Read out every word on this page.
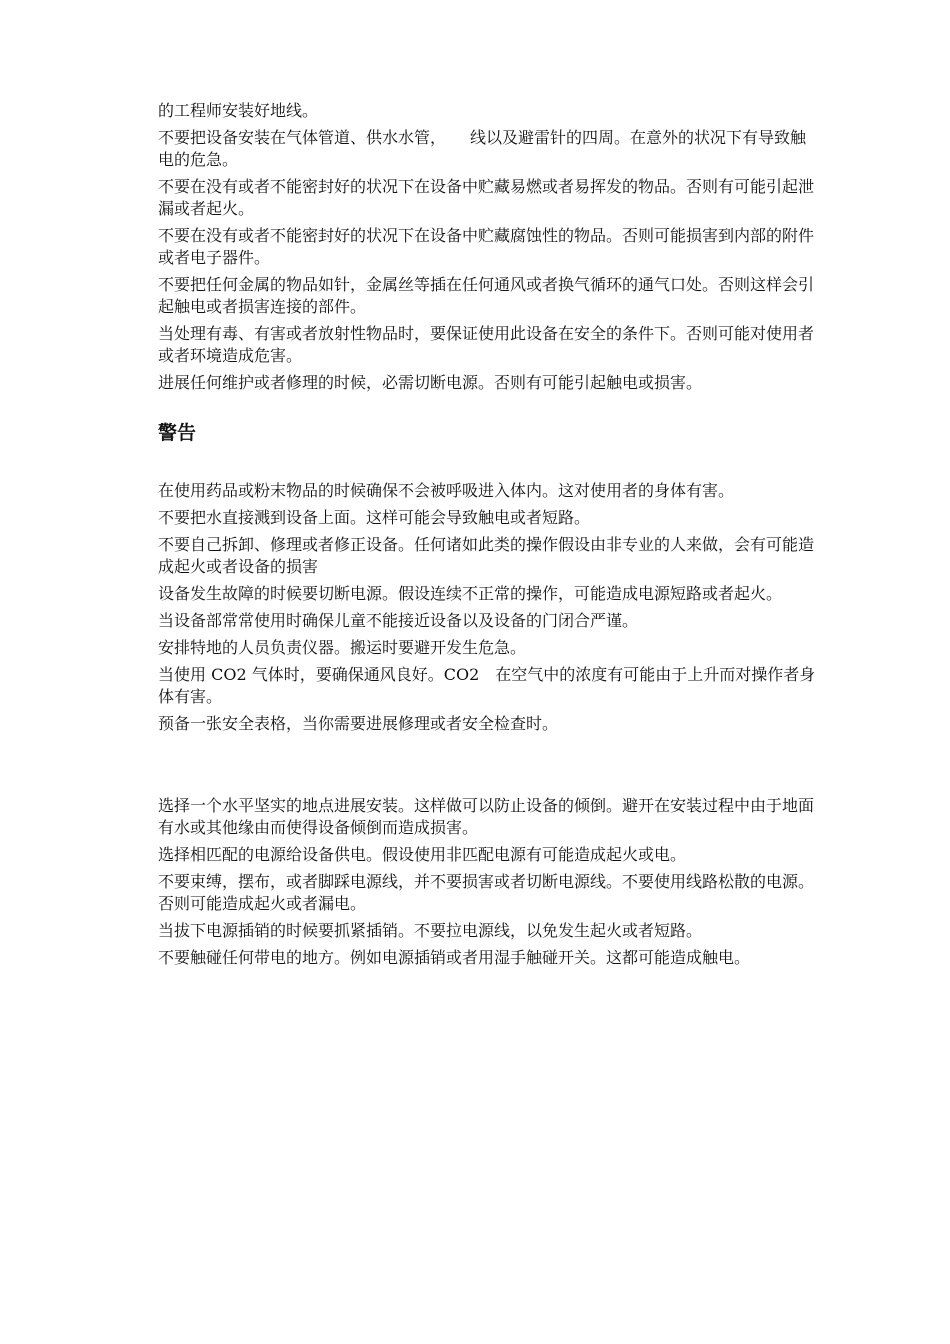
的工程师安装好地线。

不要把设备安装在气体管道、供水水管，　　线以及避雷针的四周。在意外的状况下有导致触电的危急。

不要在没有或者不能密封好的状况下在设备中贮藏易燃或者易挥发的物品。否则有可能引起泄漏或者起火。

不要在没有或者不能密封好的状况下在设备中贮藏腐蚀性的物品。否则可能损害到内部的附件或者电子器件。

不要把任何金属的物品如针，金属丝等插在任何通风或者换气循环的通气口处。否则这样会引起触电或者损害连接的部件。

当处理有毒、有害或者放射性物品时，要保证使用此设备在安全的条件下。否则可能对使用者或者环境造成危害。

进展任何维护或者修理的时候，必需切断电源。否则有可能引起触电或损害。

警告

在使用药品或粉末物品的时候确保不会被呼吸进入体内。这对使用者的身体有害。

不要把水直接溅到设备上面。这样可能会导致触电或者短路。

不要自己拆卸、修理或者修正设备。任何诸如此类的操作假设由非专业的人来做，会有可能造成起火或者设备的损害

设备发生故障的时候要切断电源。假设连续不正常的操作，可能造成电源短路或者起火。

当设备部常常使用时确保儿童不能接近设备以及设备的门闭合严谨。

安排特地的人员负责仪器。搬运时要避开发生危急。

当使用 CO2 气体时，要确保通风良好。CO2　在空气中的浓度有可能由于上升而对操作者身体有害。

预备一张安全表格，当你需要进展修理或者安全检查时。

选择一个水平坚实的地点进展安装。这样做可以防止设备的倾倒。避开在安装过程中由于地面有水或其他缘由而使得设备倾倒而造成损害。

选择相匹配的电源给设备供电。假设使用非匹配电源有可能造成起火或电。

不要束缚，摆布，或者脚踩电源线，并不要损害或者切断电源线。不要使用线路松散的电源。否则可能造成起火或者漏电。

当拔下电源插销的时候要抓紧插销。不要拉电源线，以免发生起火或者短路。

不要触碰任何带电的地方。例如电源插销或者用湿手触碰开关。这都可能造成触电。
